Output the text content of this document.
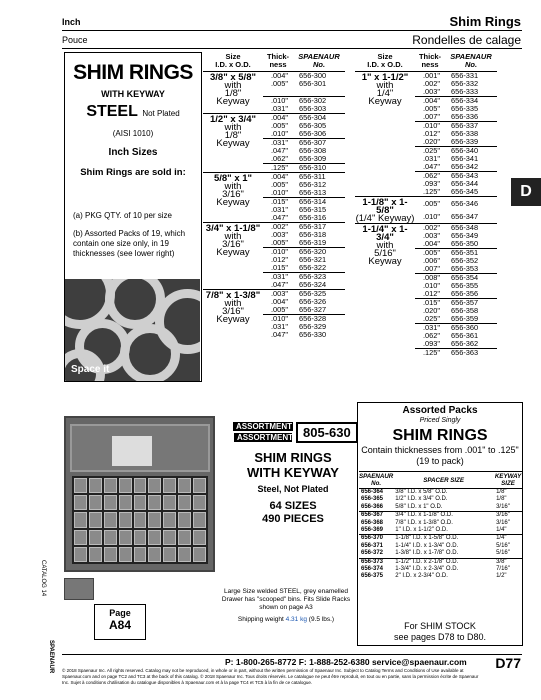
Inch	Shim Rings
Pouce	Rondelles de calage
D
SHIM RINGS
WITH KEYWAY
STEEL Not Plated
(AISI 1010)
Inch Sizes
Shim Rings are sold in:
(a) PKG QTY. of 10 per size
(b) Assorted Packs of 19, which contain one size only, in 19 thicknesses (see lower right)
Space it
Size
I.D. x O.D.	Thick-
ness	SPAENAUR
No.

3/8" x 5/8"
with
1/8"
Keyway	.004"	656-300
	.005"	656-301

	.010"	656-302
	.031"	656-303

1/2" x 3/4"
with
1/8"
Keyway	.004"	656-304
	.005"	656-305
	.010"	656-306
	.031"	656-307
	.047"	656-308
	.062"	656-309
	.125"	656-310

5/8" x 1"
with
3/16"
Keyway	.004"	656-311
	.005"	656-312
	.010"	656-313
	.015"	656-314
	.031"	656-315
	.047"	656-316

3/4" x 1-1/8"
with
3/16"
Keyway	.002"	656-317
	.003"	656-318
	.005"	656-319
	.010"	656-320
	.012"	656-321
	.015"	656-322
	.031"	656-323
	.047"	656-324

7/8" x 1-3/8"
with
3/16"
Keyway	.003"	656-325
	.004"	656-326
	.005"	656-327
	.010"	656-328
	.031"	656-329
	.047"	656-330
Size
I.D. x O.D.	Thick-
ness	SPAENAUR
No.

1" x 1-1/2"
with
1/4"
Keyway	.001"	656-331
	.002"	656-332
	.003"	656-333
	.004"	656-334
	.005"	656-335
	.007"	656-336
	.010"	656-337
	.012"	656-338
	.020"	656-339
	.025"	656-340
	.031"	656-341
	.047"	656-342
	.062"	656-343
	.093"	656-344
	.125"	656-345

1-1/8" x 1-5/8"
(1/4" Keyway)	.005"	656-346
	.010"	656-347

1-1/4" x 1-3/4"
with
5/16"
Keyway	.002"	656-348
	.003"	656-349
	.004"	656-350
	.005"	656-351
	.006"	656-352
	.007"	656-353
	.008"	656-354
	.010"	656-355
	.012"	656-356
	.015"	656-357
	.020"	656-358
	.025"	656-359
	.031"	656-360
	.062"	656-361
	.093"	656-362
	.125"	656-363
CATALOG 14
SPAENAUR
Page
A84
ASSORTMENT
ASSORTMENT 805-630
SHIM RINGS
WITH KEYWAY
Steel, Not Plated
64 SIZES
490 PIECES
Large Size welded STEEL, grey enamelled Drawer has "scooped" bins. Fits Slide Racks shown on page A3
Shipping weight 4.31 kg (9.5 lbs.)
Assorted Packs
Priced Singly
SHIM RINGS
Contain thicknesses from .001" to .125" (19 to pack)
SPAENAUR
No.	SPACER SIZE	KEYWAY
SIZE
656-364	3/8" I.D. x 5/8" O.D.	1/8"
656-365	1/2" I.D. x 3/4" O.D.	1/8"
656-366	5/8" I.D. x 1" O.D.	3/16"
656-367	3/4" I.D. x 1-1/8" O.D.	3/16"
656-368	7/8" I.D. x 1-3/8" O.D.	3/16"
656-369	1" I.D. x 1-1/2" O.D.	1/4"
656-370	1-1/8" I.D. x 1-5/8" O.D.	1/4"
656-371	1-1/4" I.D. x 1-3/4" O.D.	5/16"
656-372	1-3/8" I.D. x 1-7/8" O.D.	5/16"
656-373	1-1/2" I.D. x 2-1/8" O.D.	3/8"
656-374	1-3/4" I.D. x 2-3/4" O.D.	7/16"
656-375	2" I.D. x 2-3/4" O.D.	1/2"
For SHIM STOCK
see pages D78 to D80.
P: 1-800-265-8772 F: 1-888-252-6380 service@spaenaur.com D77
© 2018 Spaenaur Inc. All rights reserved. Catalog may not be reproduced, in whole or in part, without the written permission of Spaenaur Inc. Subject to Catalog Terms and Conditions of Use available at Spaenaur.com and on page TC2 and TC3 at the back of this catalog. © 2018 Spaenaur Inc. Tous droits réservés. Le catalogue ne peut être reproduit, en tout ou en partie, sans la permission écrite de Spaenaur Inc. Sujet à conditions d'utilisation du catalogue disponibles à Spaenaur.com et à la page TC4 et TC5 à la fin de ce catalogue.
